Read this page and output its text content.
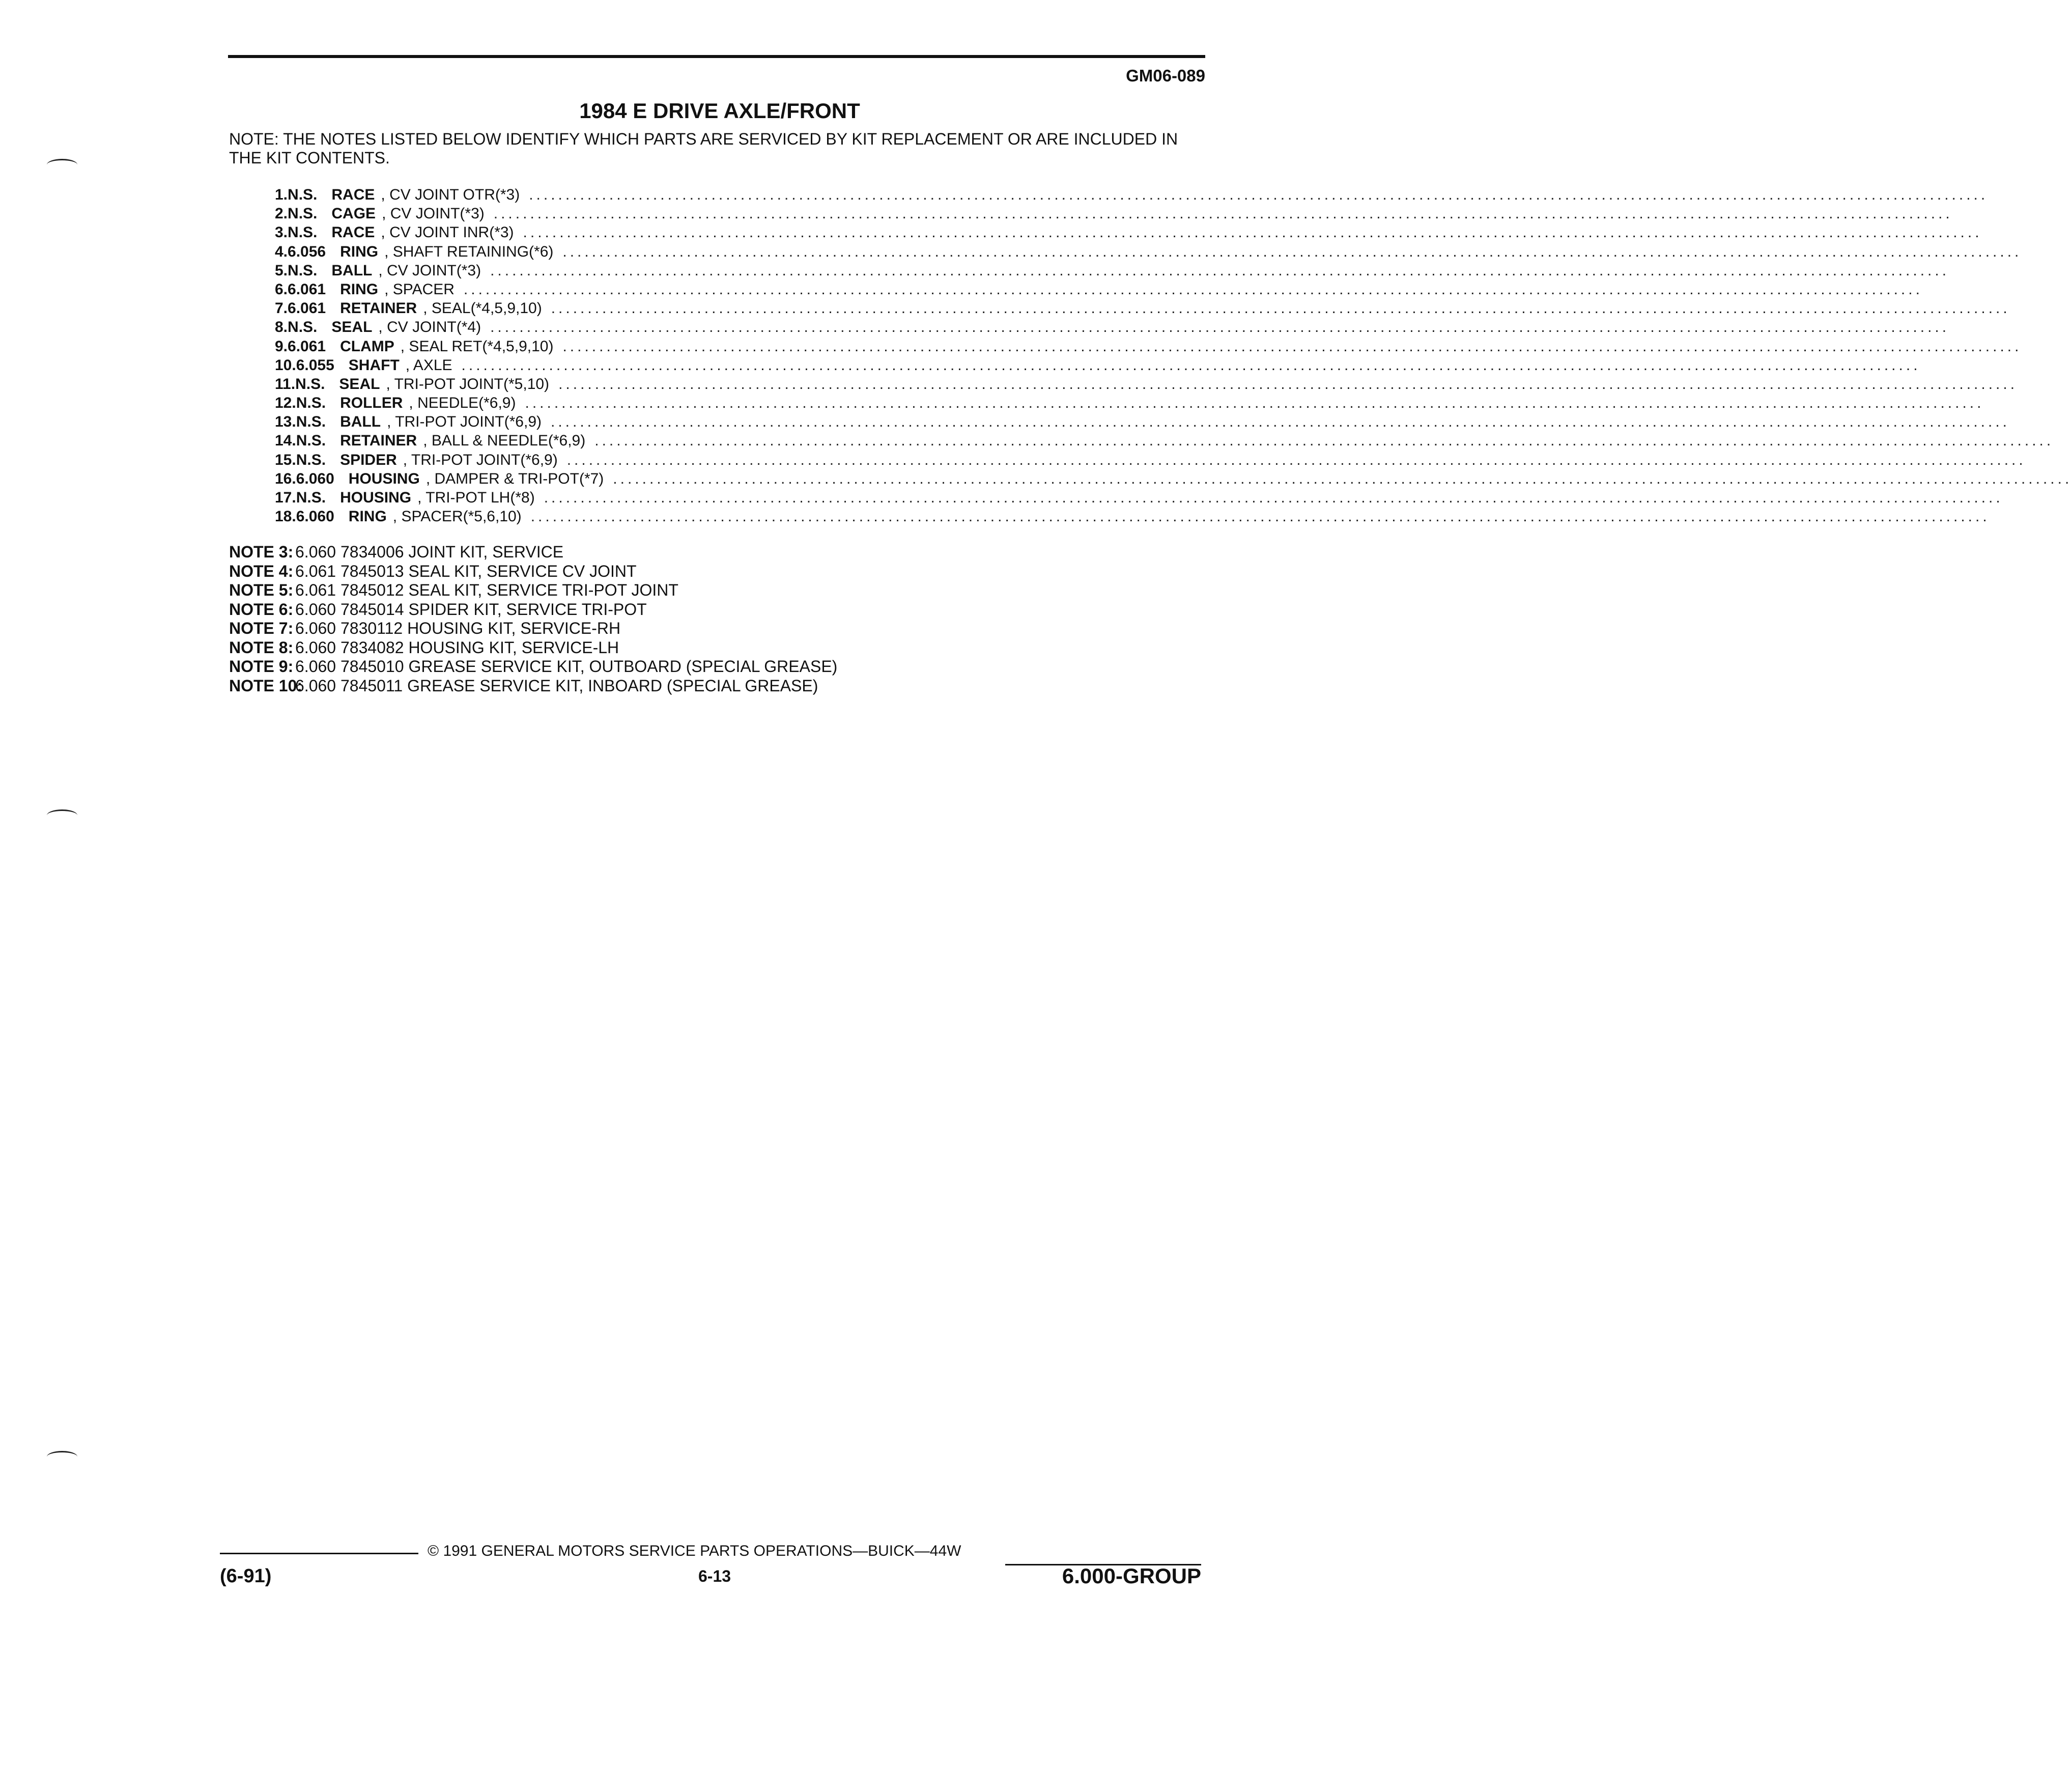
GM06-089
1984 E DRIVE AXLE/FRONT
NOTE: THE NOTES LISTED BELOW IDENTIFY WHICH PARTS ARE SERVICED BY KIT REPLACEMENT OR ARE INCLUDED IN THE KIT CONTENTS.
1. N.S. RACE , CV JOINT OTR(*3) ........................................................................................................................................................................................................
2. N.S. CAGE , CV JOINT(*3) ........................................................................................................................................................................................................
3. N.S. RACE , CV JOINT INR(*3) ........................................................................................................................................................................................................
4. 6.056 RING , SHAFT RETAINING(*6) ........................................................................................................................................................................................................
5. N.S. BALL , CV JOINT(*3) ........................................................................................................................................................................................................
6. 6.061 RING , SPACER ........................................................................................................................................................................................................
7. 6.061 RETAINER , SEAL(*4,5,9,10) ........................................................................................................................................................................................................
8. N.S. SEAL , CV JOINT(*4) ........................................................................................................................................................................................................
9. 6.061 CLAMP , SEAL RET(*4,5,9,10) ........................................................................................................................................................................................................
10. 6.055 SHAFT , AXLE ........................................................................................................................................................................................................
11. N.S. SEAL , TRI-POT JOINT(*5,10) ........................................................................................................................................................................................................
12. N.S. ROLLER , NEEDLE(*6,9) ........................................................................................................................................................................................................
13. N.S. BALL , TRI-POT JOINT(*6,9) ........................................................................................................................................................................................................
14. N.S. RETAINER , BALL & NEEDLE(*6,9) ........................................................................................................................................................................................................
15. N.S. SPIDER , TRI-POT JOINT(*6,9) ........................................................................................................................................................................................................
16. 6.060 HOUSING , DAMPER & TRI-POT(*7) ........................................................................................................................................................................................................
17. N.S. HOUSING , TRI-POT LH(*8) ........................................................................................................................................................................................................
18. 6.060 RING , SPACER(*5,6,10) ........................................................................................................................................................................................................
NOTE 3: 6.060 7834006 JOINT KIT, SERVICE
NOTE 4: 6.061 7845013 SEAL KIT, SERVICE CV JOINT
NOTE 5: 6.061 7845012 SEAL KIT, SERVICE TRI-POT JOINT
NOTE 6: 6.060 7845014 SPIDER KIT, SERVICE TRI-POT
NOTE 7: 6.060 7830112 HOUSING KIT, SERVICE-RH
NOTE 8: 6.060 7834082 HOUSING KIT, SERVICE-LH
NOTE 9: 6.060 7845010 GREASE SERVICE KIT, OUTBOARD (SPECIAL GREASE)
NOTE 10:6.060 7845011 GREASE SERVICE KIT, INBOARD (SPECIAL GREASE)
© 1991 GENERAL MOTORS SERVICE PARTS OPERATIONS—BUICK—44W
(6-91)	6-13	6.000-GROUP
